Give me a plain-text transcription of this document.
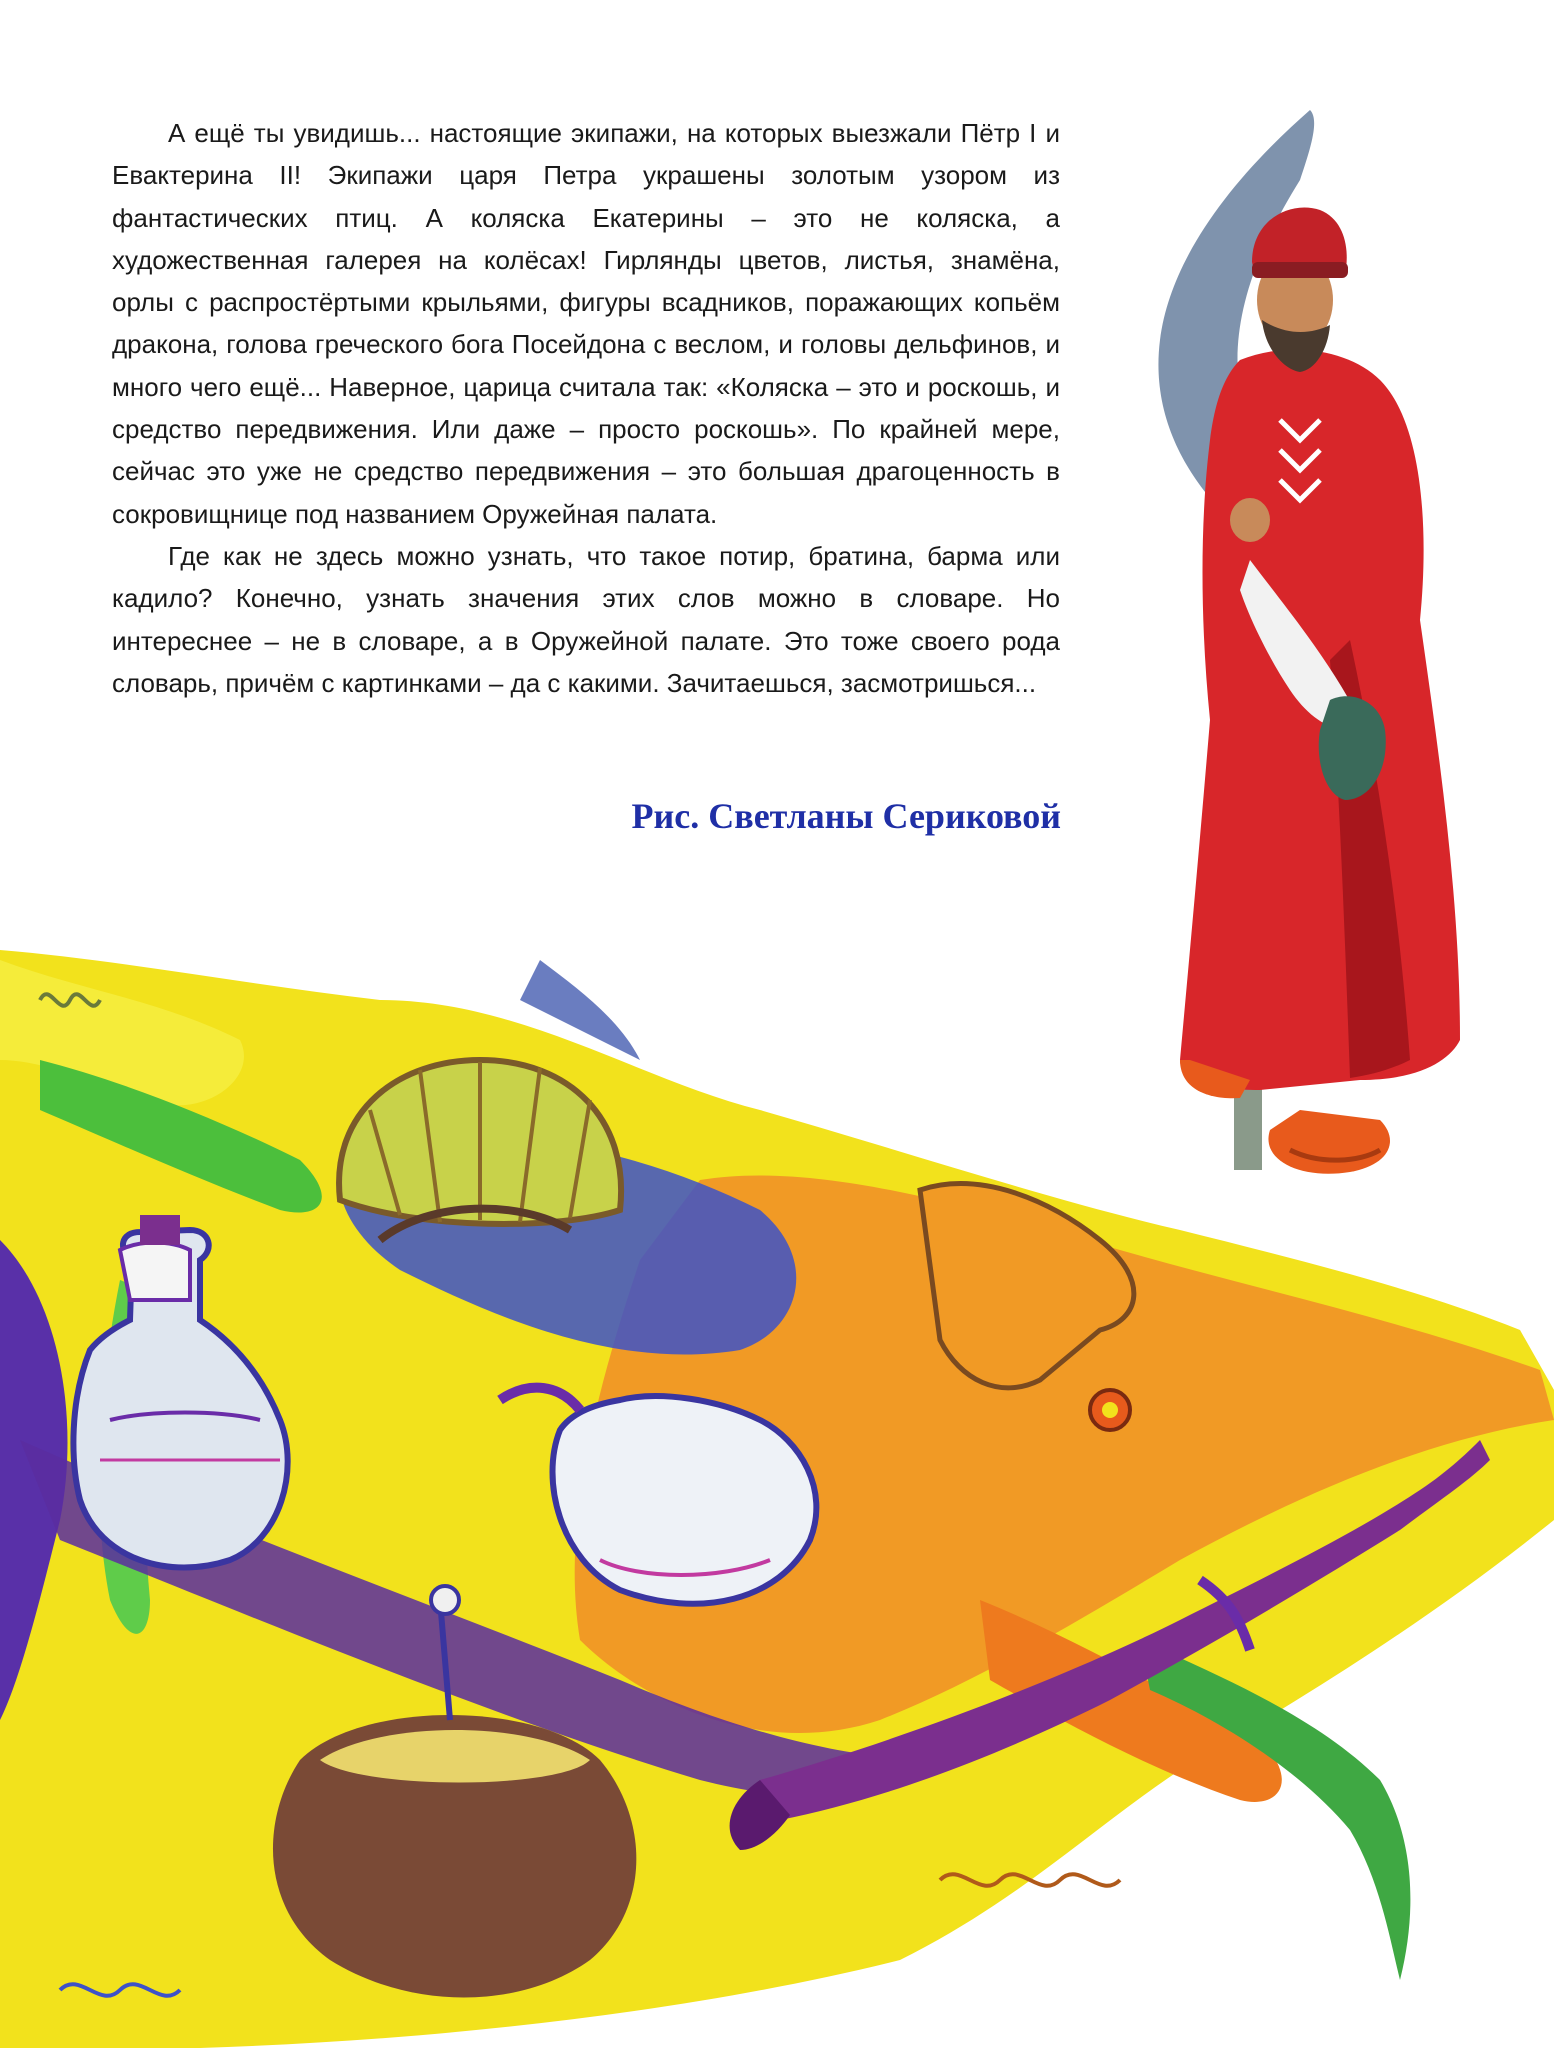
А ещё ты увидишь... настоящие экипажи, на которых выезжали Пётр I и Евактерина II! Экипажи царя Петра украшены золотым узором из фантастических птиц. А коляска Екатерины – это не коляска, а художественная галерея на колёсах! Гирлянды цветов, листья, знамёна, орлы с распростёртыми крыльями, фигуры всадников, поражающих копьём дракона, голова греческого бога Посейдона с веслом, и головы дельфинов, и много чего ещё... Наверное, царица считала так: «Коляска – это и роскошь, и средство передвижения. Или даже – просто роскошь». По крайней мере, сейчас это уже не средство передвижения – это большая драгоценность в сокровищнице под названием Оружейная палата.

Где как не здесь можно узнать, что такое потир, братина, барма или кадило? Конечно, узнать значения этих слов можно в словаре. Но интереснее – не в словаре, а в Оружейной палате. Это тоже своего рода словарь, причём с картинками – да с какими. Зачитаешься, засмотришься...

Рис. Светланы Сериковой
